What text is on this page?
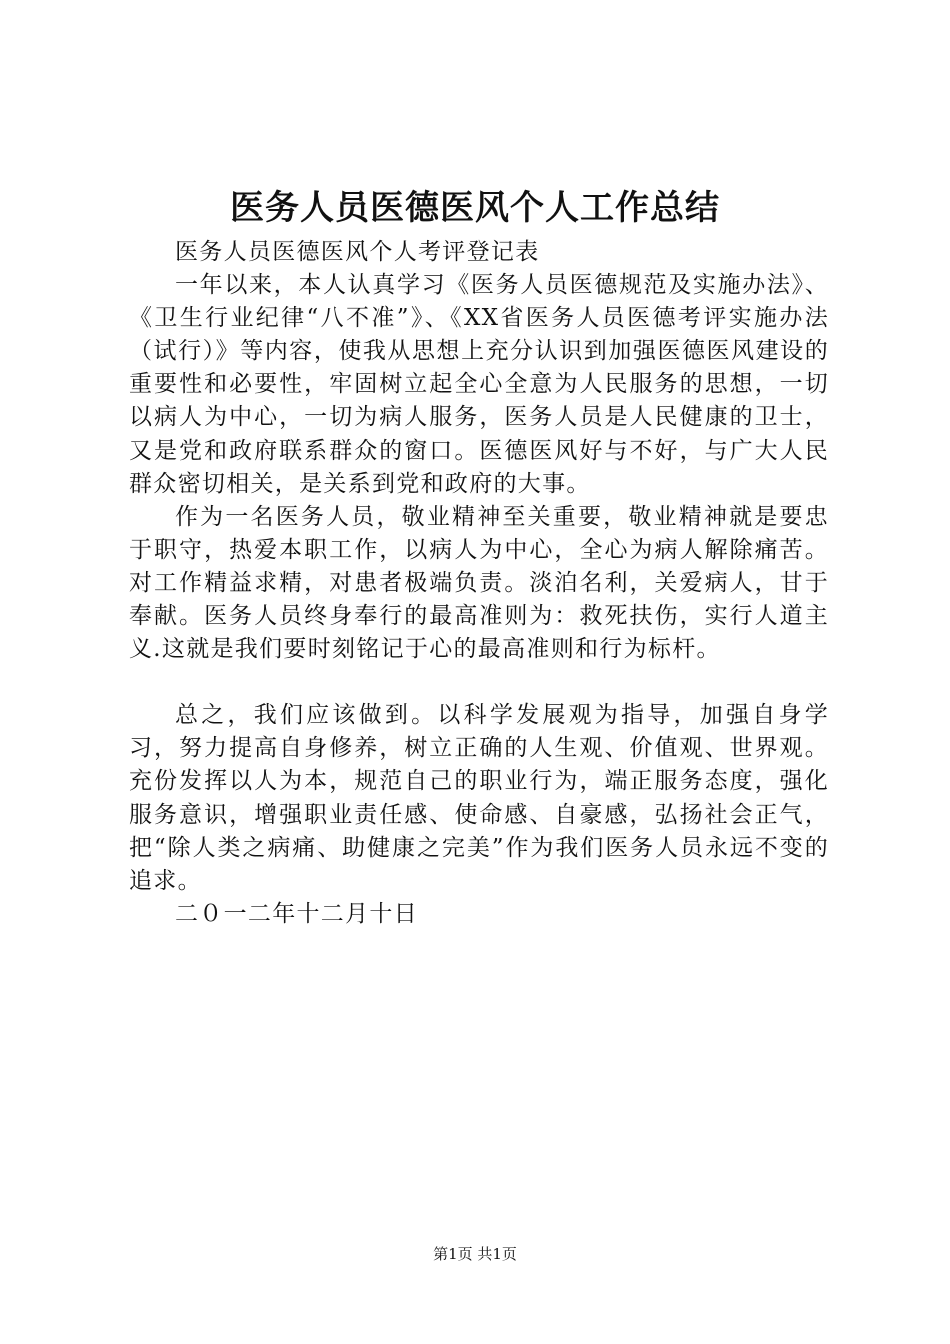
医务人员医德医风个人工作总结

医务人员医德医风个人考评登记表

一年以来，本人认真学习《医务人员医德规范及实施办法》、《卫生行业纪律“八不准”》、《XX省医务人员医德考评实施办法（试行）》等内容，使我从思想上充分认识到加强医德医风建设的重要性和必要性，牢固树立起全心全意为人民服务的思想，一切以病人为中心，一切为病人服务，医务人员是人民健康的卫士，又是党和政府联系群众的窗口。医德医风好与不好，与广大人民群众密切相关，是关系到党和政府的大事。

作为一名医务人员，敬业精神至关重要，敬业精神就是要忠于职守，热爱本职工作，以病人为中心，全心为病人解除痛苦。对工作精益求精，对患者极端负责。淡泊名利，关爱病人，甘于奉献。医务人员终身奉行的最高准则为：救死扶伤，实行人道主义.这就是我们要时刻铭记于心的最高准则和行为标杆。

总之，我们应该做到。以科学发展观为指导，加强自身学习，努力提高自身修养，树立正确的人生观、价值观、世界观。充份发挥以人为本，规范自己的职业行为，端正服务态度，强化服务意识，增强职业责任感、使命感、自豪感，弘扬社会正气，把“除人类之病痛、助健康之完美”作为我们医务人员永远不变的追求。

二０一二年十二月十日

第1页 共1页
